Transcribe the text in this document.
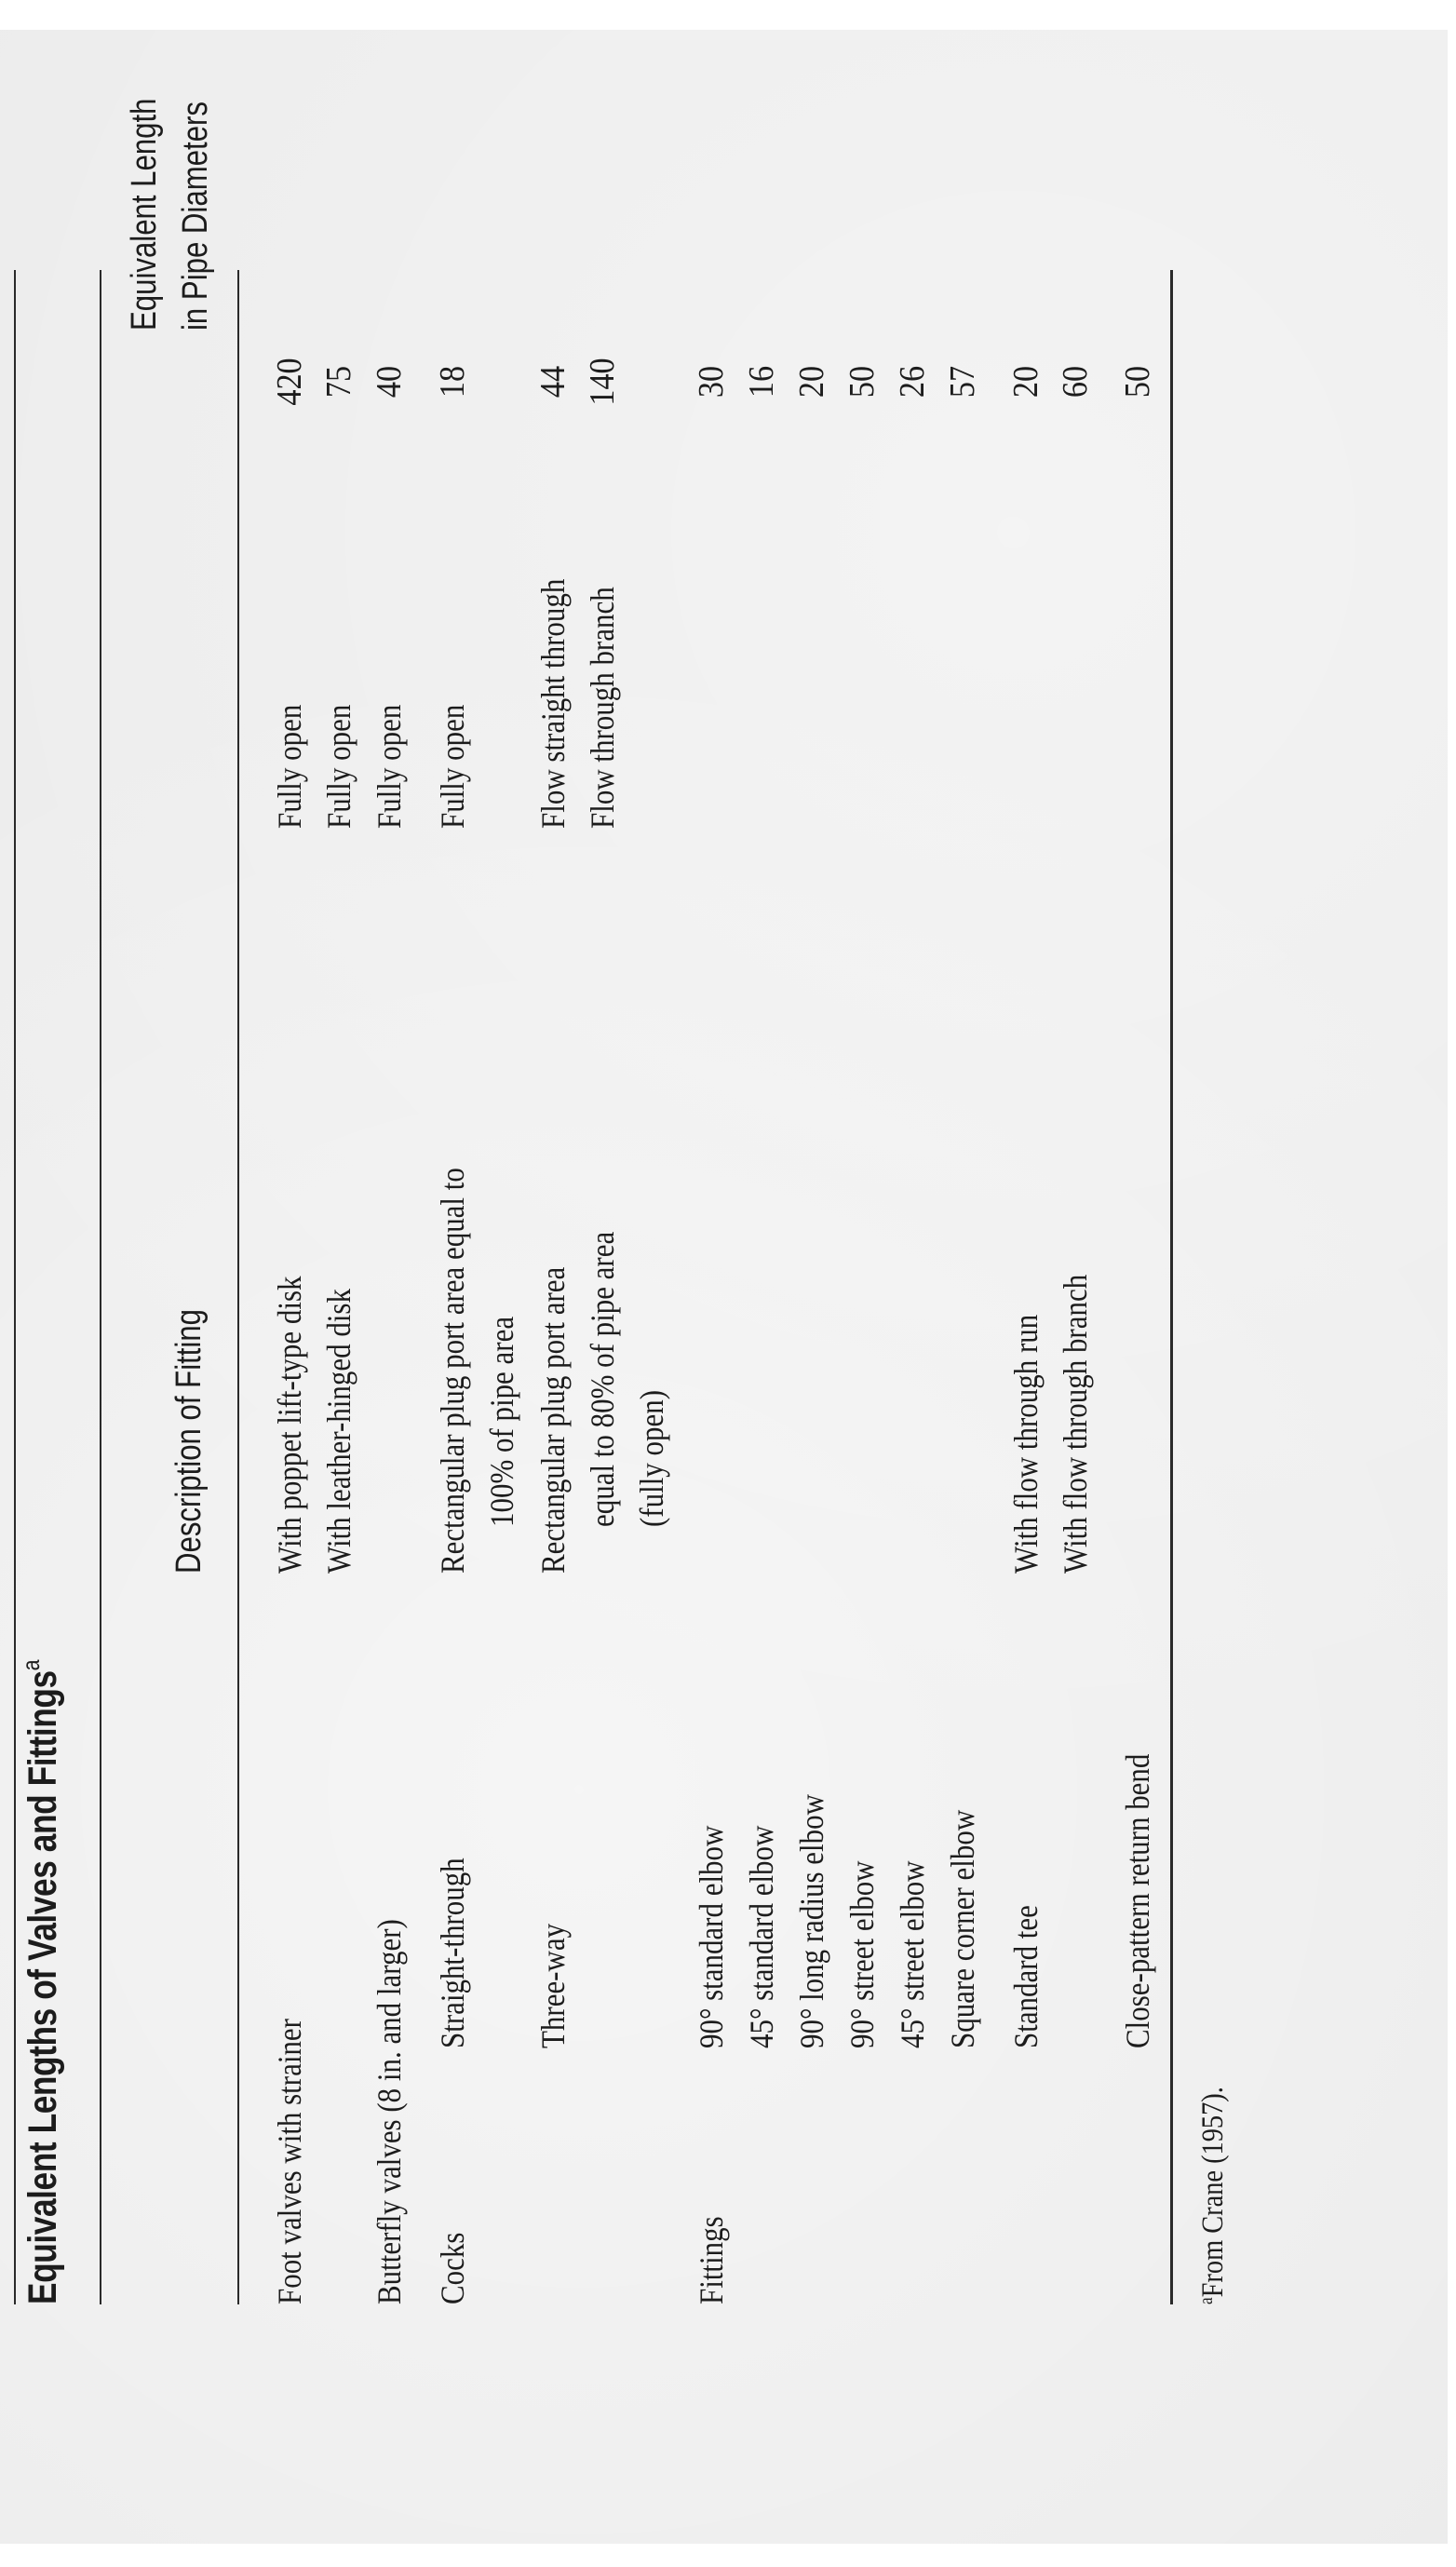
Equivalent Lengths of Valves and Fittings$^a$
Description of Fitting
Equivalent Length in Pipe Diameters
Foot valves with strainer
With poppet lift-type disk
Fully open
420
With leather-hinged disk
Fully open
75
Butterfly valves (8 in. and larger)
Fully open
40
Cocks
Straight-through
Rectangular plug port area equal to 100% of pipe area
Fully open
18
Three-way
Rectangular plug port area equal to 80% of pipe area (fully open)
Flow straight through Flow through branch
44 140
Fittings
90° standard elbow
30
45° standard elbow
16
90° long radius elbow
20
90° street elbow
50
45° street elbow
26
Square corner elbow
57
Standard tee
With flow through run
20
With flow through branch
60
Close-pattern return bend
50
$^a$From Crane (1957).
